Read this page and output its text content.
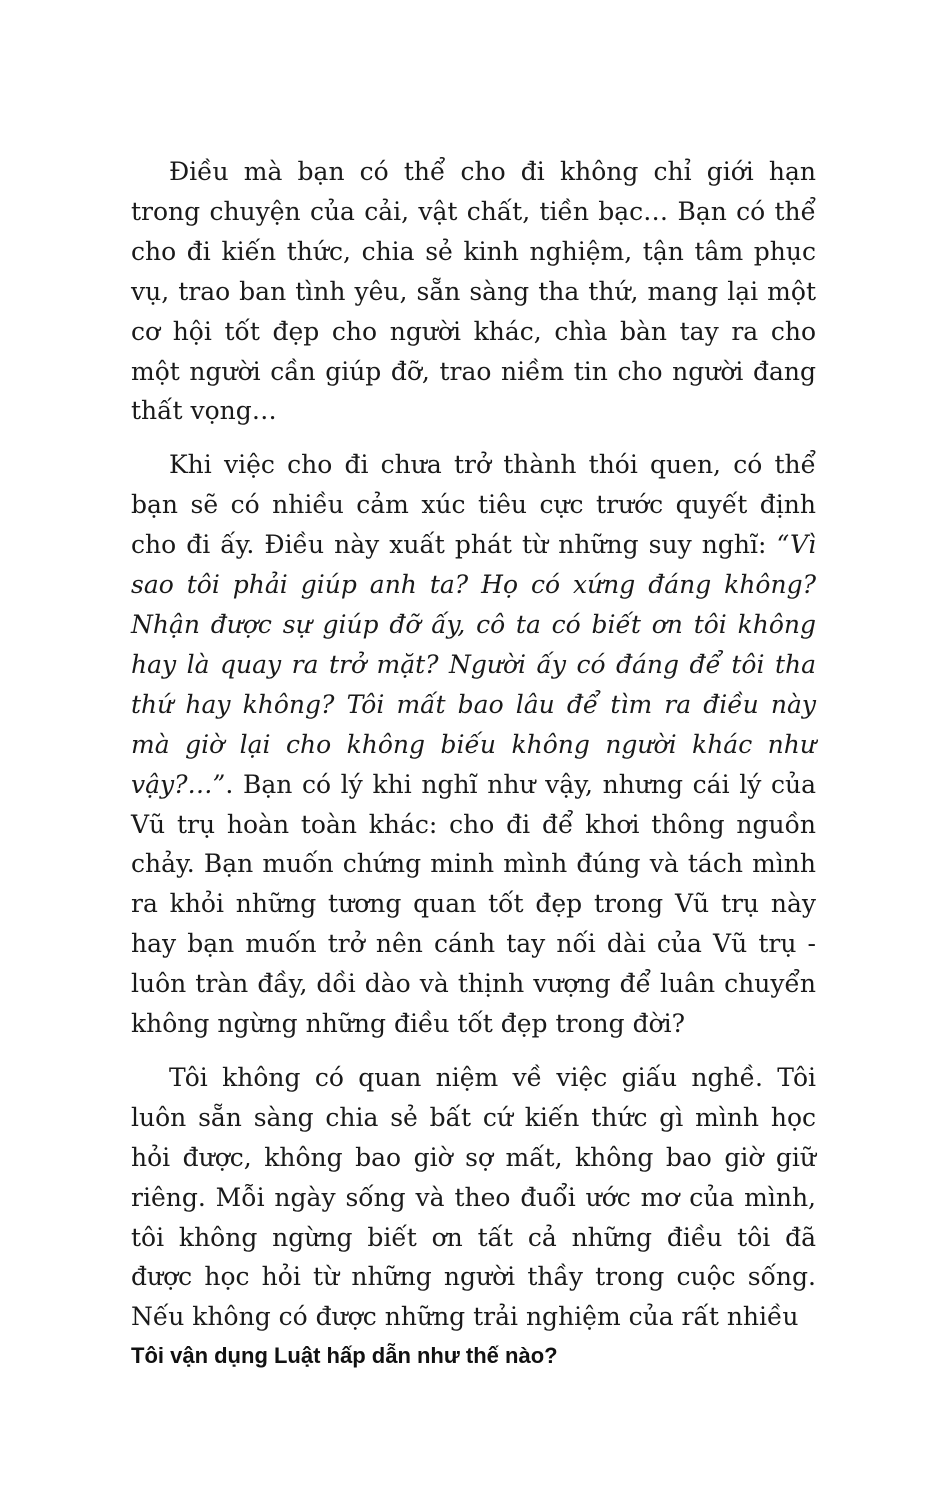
Điều mà bạn có thể cho đi không chỉ giới hạn trong chuyện của cải, vật chất, tiền bạc… Bạn có thể cho đi kiến thức, chia sẻ kinh nghiệm, tận tâm phục vụ, trao ban tình yêu, sẵn sàng tha thứ, mang lại một cơ hội tốt đẹp cho người khác, chìa bàn tay ra cho một người cần giúp đỡ, trao niềm tin cho người đang thất vọng…

Khi việc cho đi chưa trở thành thói quen, có thể bạn sẽ có nhiều cảm xúc tiêu cực trước quyết định cho đi ấy. Điều này xuất phát từ những suy nghĩ: “Vì sao tôi phải giúp anh ta? Họ có xứng đáng không? Nhận được sự giúp đỡ ấy, cô ta có biết ơn tôi không hay là quay ra trở mặt? Người ấy có đáng để tôi tha thứ hay không? Tôi mất bao lâu để tìm ra điều này mà giờ lại cho không biếu không người khác như vậy?…”. Bạn có lý khi nghĩ như vậy, nhưng cái lý của Vũ trụ hoàn toàn khác: cho đi để khơi thông nguồn chảy. Bạn muốn chứng minh mình đúng và tách mình ra khỏi những tương quan tốt đẹp trong Vũ trụ này hay bạn muốn trở nên cánh tay nối dài của Vũ trụ - luôn tràn đầy, dồi dào và thịnh vượng để luân chuyển không ngừng những điều tốt đẹp trong đời?

Tôi không có quan niệm về việc giấu nghề. Tôi luôn sẵn sàng chia sẻ bất cứ kiến thức gì mình học hỏi được, không bao giờ sợ mất, không bao giờ giữ riêng. Mỗi ngày sống và theo đuổi ước mơ của mình, tôi không ngừng biết ơn tất cả những điều tôi đã được học hỏi từ những người thầy trong cuộc sống. Nếu không có được những trải nghiệm của rất nhiều

Tôi vận dụng Luật hấp dẫn như thế nào?
